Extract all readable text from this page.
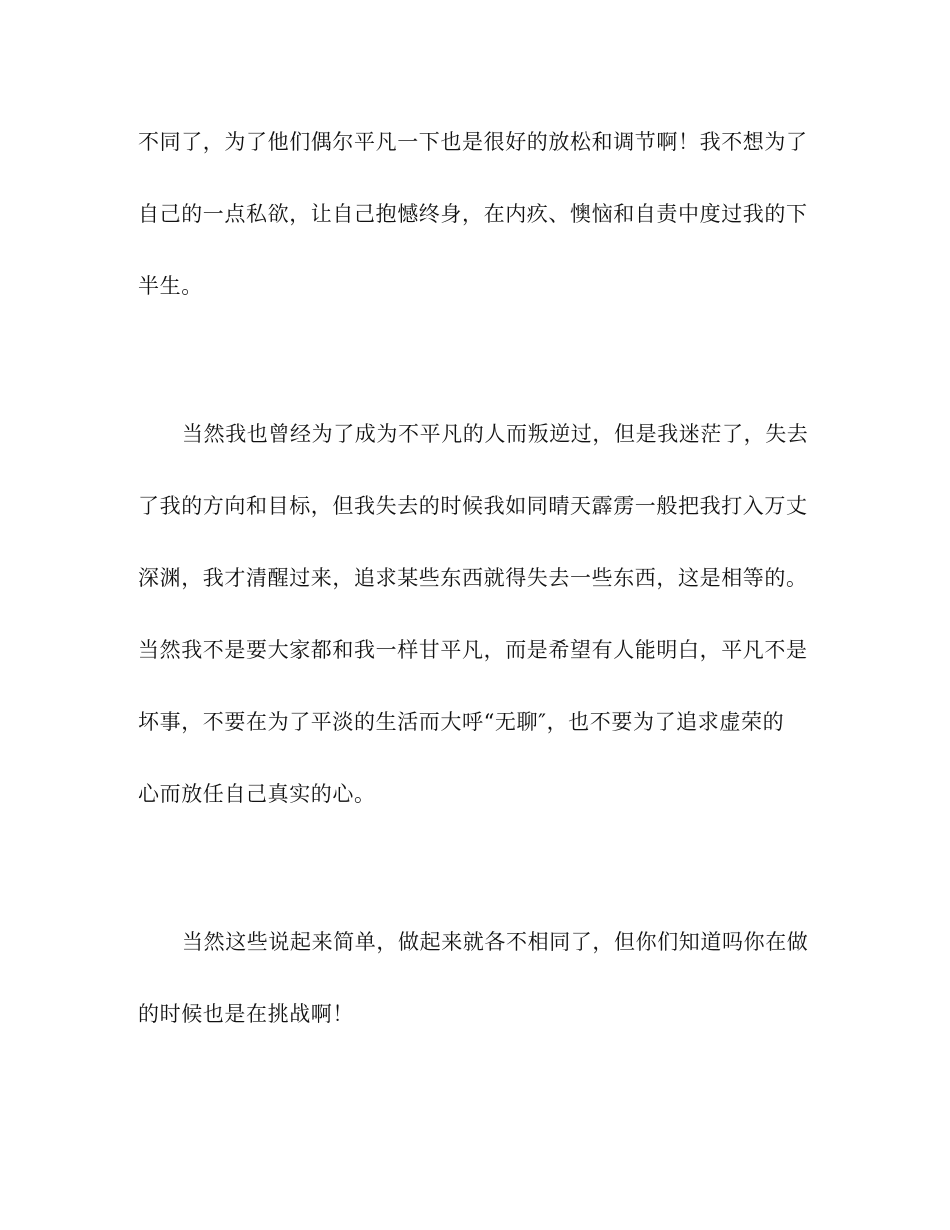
不同了，为了他们偶尔平凡一下也是很好的放松和调节啊！我不想为了
自己的一点私欲，让自己抱憾终身，在内疚、懊恼和自责中度过我的下
半生。
当然我也曾经为了成为不平凡的人而叛逆过，但是我迷茫了，失去
了我的方向和目标，但我失去的时候我如同晴天霹雳一般把我打入万丈
深渊，我才清醒过来，追求某些东西就得失去一些东西，这是相等的。
当然我不是要大家都和我一样甘平凡，而是希望有人能明白，平凡不是
坏事，不要在为了平淡的生活而大呼“无聊″，也不要为了追求虚荣的
心而放任自己真实的心。
当然这些说起来简单，做起来就各不相同了，但你们知道吗你在做
的时候也是在挑战啊！
